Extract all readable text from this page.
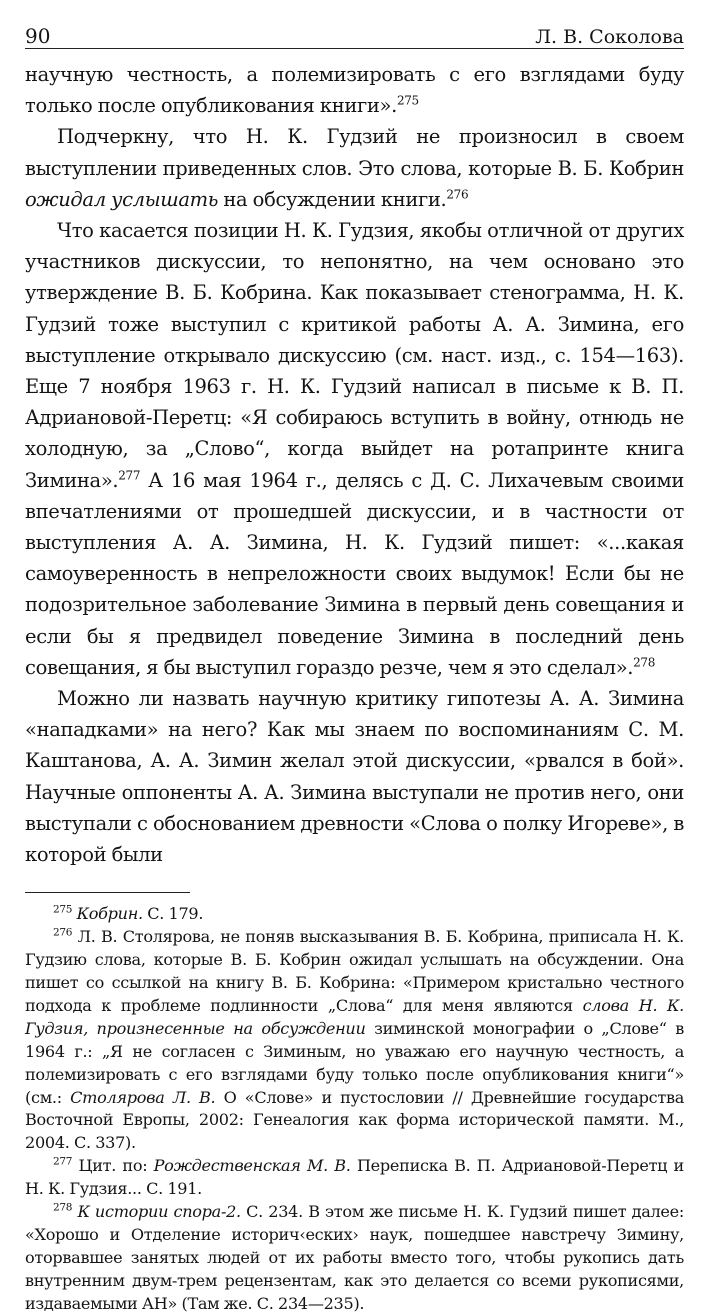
90	Л. В. Соколова

научную честность, а полемизировать с его взглядами буду только после опубликования книги».$^{275}$

Подчеркну, что Н. К. Гудзий не произносил в своем выступлении приведенных слов. Это слова, которые В. Б. Кобрин ожидал услышать на обсуждении книги.$^{276}$

Что касается позиции Н. К. Гудзия, якобы отличной от других участников дискуссии, то непонятно, на чем основано это утверждение В. Б. Кобрина. Как показывает стенограмма, Н. К. Гудзий тоже выступил с критикой работы А. А. Зимина, его выступление открывало дискуссию (см. наст. изд., с. 154—163). Еще 7 ноября 1963 г. Н. К. Гудзий написал в письме к В. П. Адриановой-Перетц: «Я собираюсь вступить в войну, отнюдь не холодную, за „Слово“, когда выйдет на ротапринте книга Зимина».$^{277}$ А 16 мая 1964 г., делясь с Д. С. Лихачевым своими впечатлениями от прошедшей дискуссии, и в частности от выступления А. А. Зимина, Н. К. Гудзий пишет: «...какая самоуверенность в непреложности своих выдумок! Если бы не подозрительное заболевание Зимина в первый день совещания и если бы я предвидел поведение Зимина в последний день совещания, я бы выступил гораздо резче, чем я это сделал».$^{278}$

Можно ли назвать научную критику гипотезы А. А. Зимина «нападками» на него? Как мы знаем по воспоминаниям С. М. Каштанова, А. А. Зимин желал этой дискуссии, «рвался в бой». Научные оппоненты А. А. Зимина выступали не против него, они выступали с обоснованием древности «Слова о полку Игореве», в которой были

$^{275}$ Кобрин. С. 179.

$^{276}$ Л. В. Столярова, не поняв высказывания В. Б. Кобрина, приписала Н. К. Гудзию слова, которые В. Б. Кобрин ожидал услышать на обсуждении. Она пишет со ссылкой на книгу В. Б. Кобрина: «Примером кристально честного подхода к проблеме подлинности „Слова“ для меня являются слова Н. К. Гудзия, произнесенные на обсуждении зиминской монографии о „Слове“ в 1964 г.: „Я не согласен с Зиминым, но уважаю его научную честность, а полемизировать с его взглядами буду только после опубликования книги“» (см.: Столярова Л. В. О «Слове» и пустословии // Древнейшие государства Восточной Европы, 2002: Генеалогия как форма исторической памяти. М., 2004. С. 337).

$^{277}$ Цит. по: Рождественская М. В. Переписка В. П. Адриановой-Перетц и Н. К. Гудзия... С. 191.

$^{278}$ К истории спора-2. С. 234. В этом же письме Н. К. Гудзий пишет далее: «Хорошо и Отделение историч‹еских› наук, пошедшее навстречу Зимину, оторвавшее занятых людей от их работы вместо того, чтобы рукопись дать внутренним двум-трем рецензентам, как это делается со всеми рукописями, издаваемыми АН» (Там же. С. 234—235).
